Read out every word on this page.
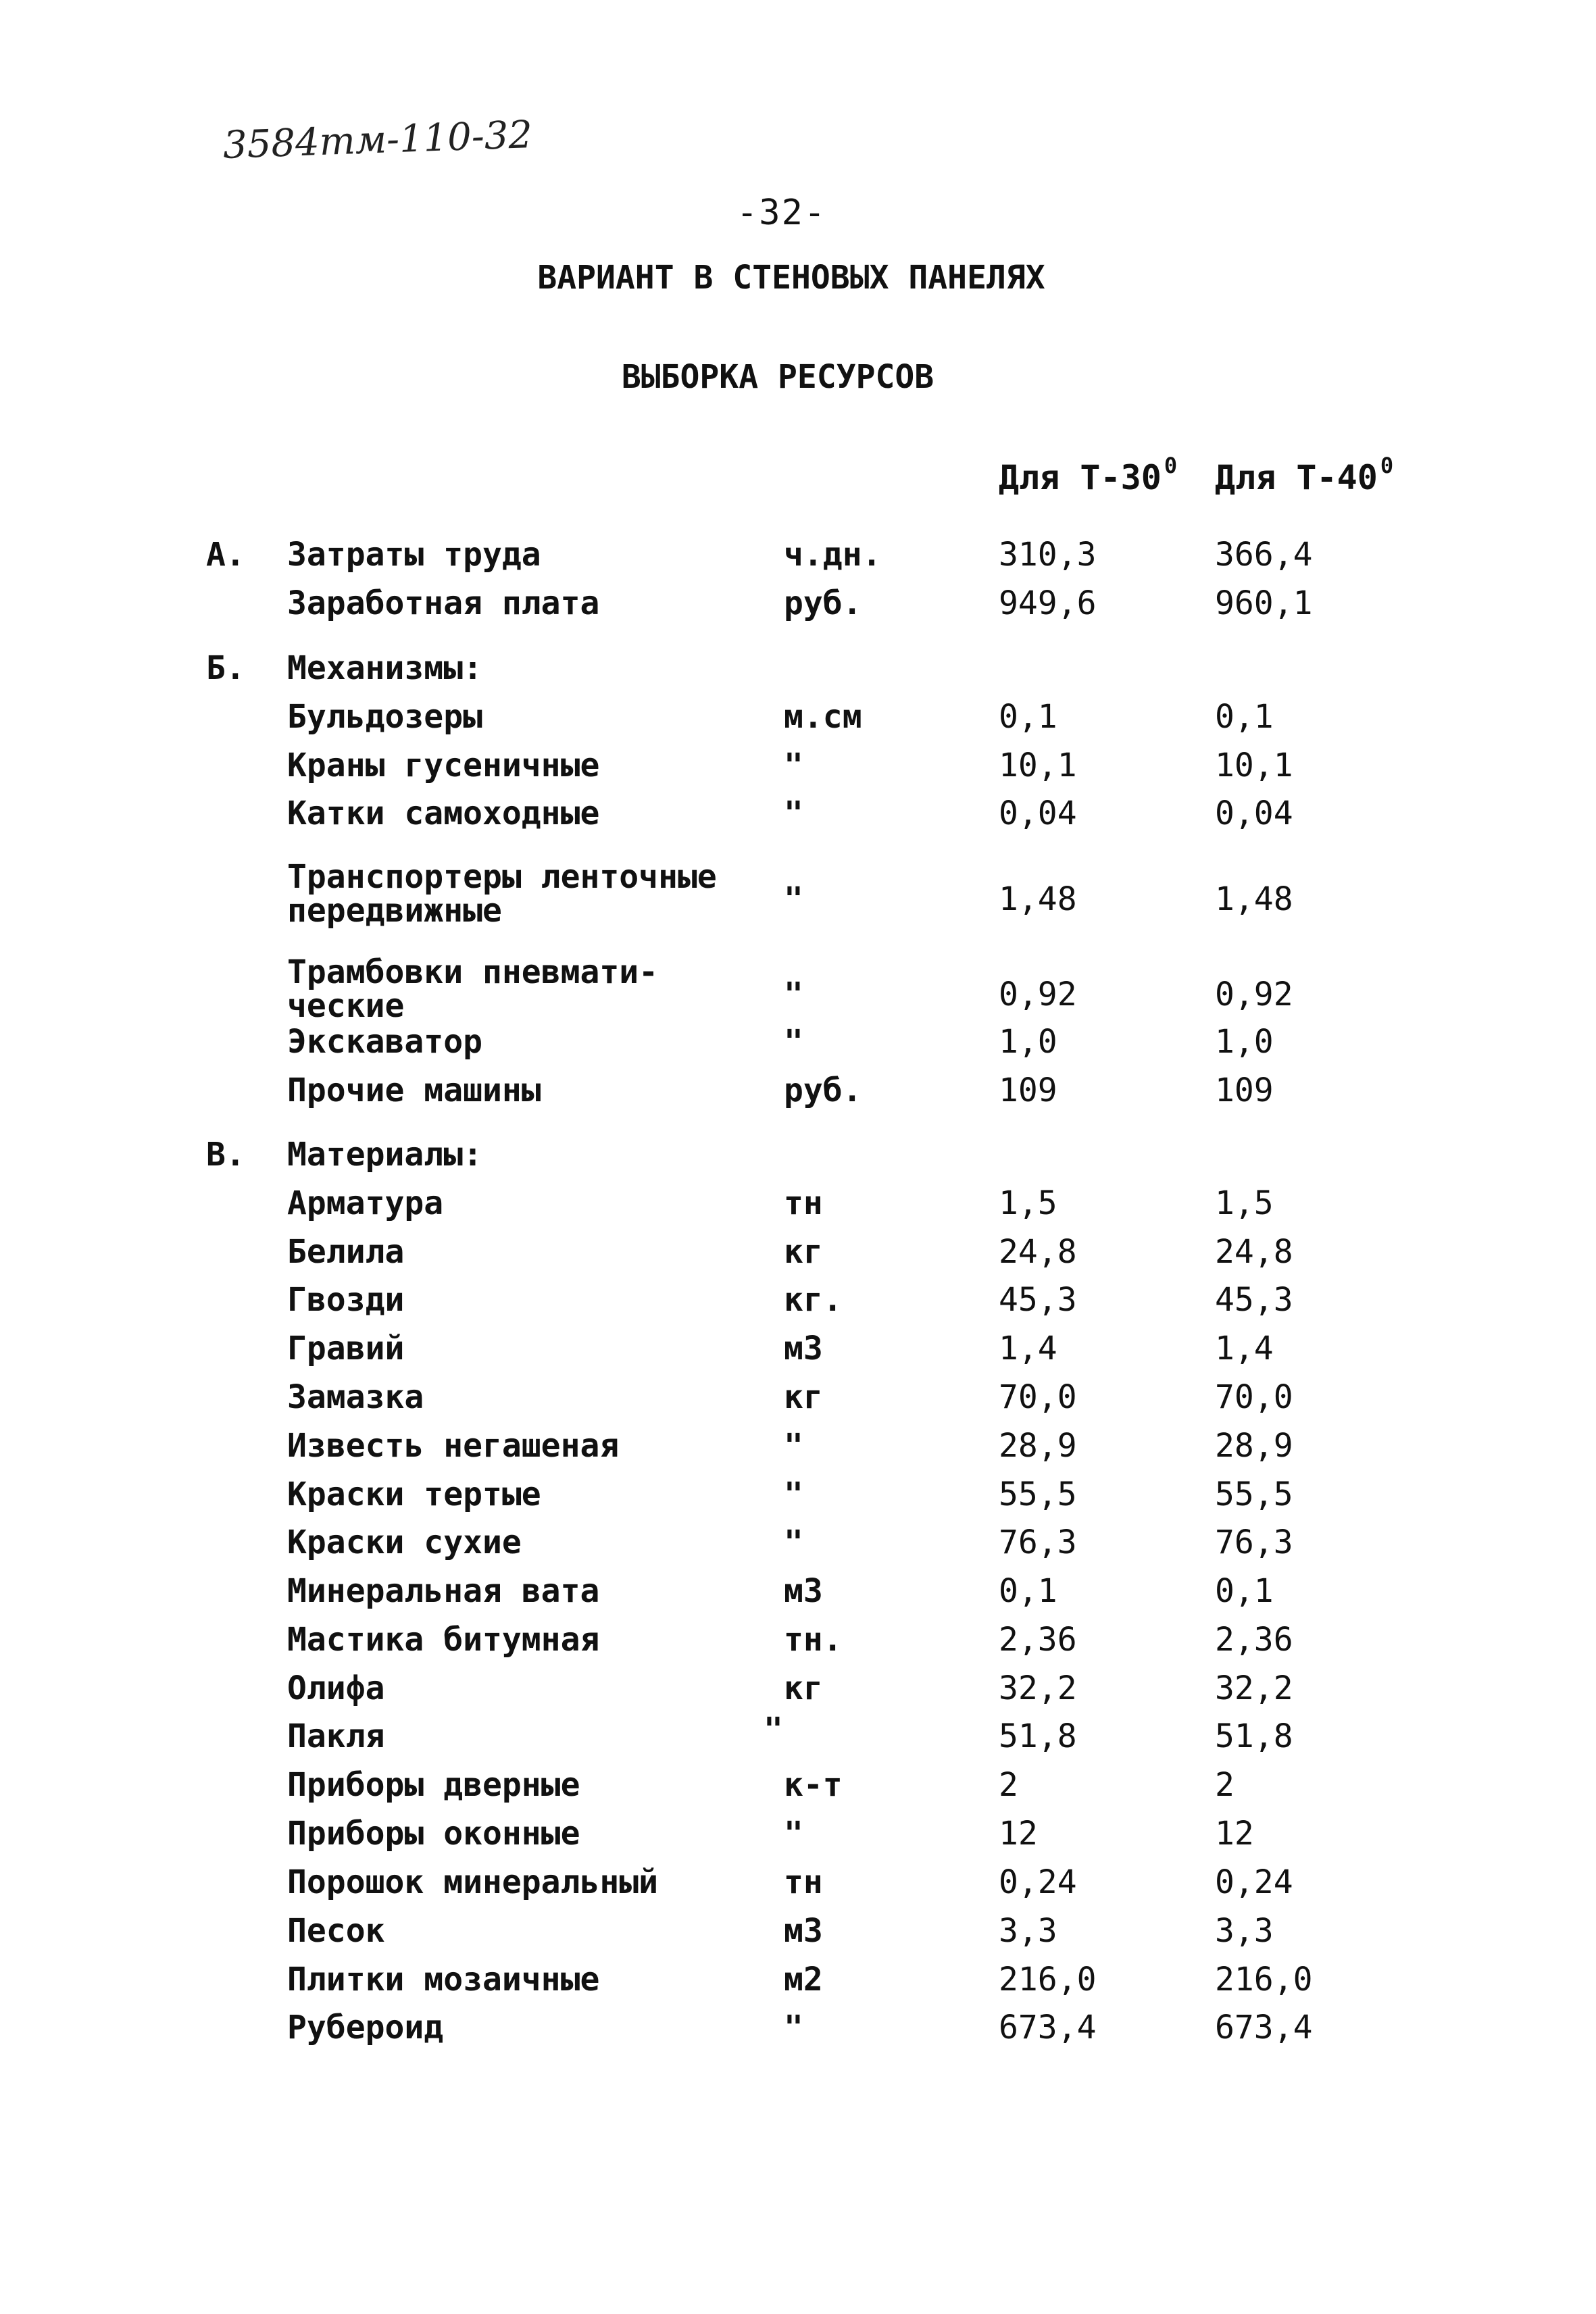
3584тм-110-32
-32-
ВАРИАНТ В СТЕНОВЫХ ПАНЕЛЯХ
ВЫБОРКА РЕСУРСОВ
Для Т-30 $^0$ Для Т-40 $^0$
А. Затраты труда	ч.дн.	310,3	366,4
Заработная плата	руб.	949,6	960,1
Б. Механизмы:
Бульдозеры	м.см	0,1	0,1
Краны гусеничные	"	10,1	10,1
Катки самоходные	"	0,04	0,04
Транспортеры ленточные
передвижные	"	1,48	1,48
Трамбовки пневмати-
ческие	"	0,92	0,92
Экскаватор	"	1,0	1,0
Прочие машины	руб.	109	109
В. Материалы:
Арматура	тн	1,5	1,5
Белила	кг	24,8	24,8
Гвозди	кг.	45,3	45,3
Гравий	м3	1,4	1,4
Замазка	кг	70,0	70,0
Известь негашеная	"	28,9	28,9
Краски тертые	"	55,5	55,5
Краски сухие	"	76,3	76,3
Минеральная вата	м3	0,1	0,1
Мастика битумная	тн.	2,36	2,36
Олифа	кг	32,2	32,2
Пакля	"	51,8	51,8
Приборы дверные	к-т	2	2
Приборы оконные	"	12	12
Порошок минеральный	тн	0,24	0,24
Песок	м3	3,3	3,3
Плитки мозаичные	м2	216,0	216,0
Рубероид	"	673,4	673,4
